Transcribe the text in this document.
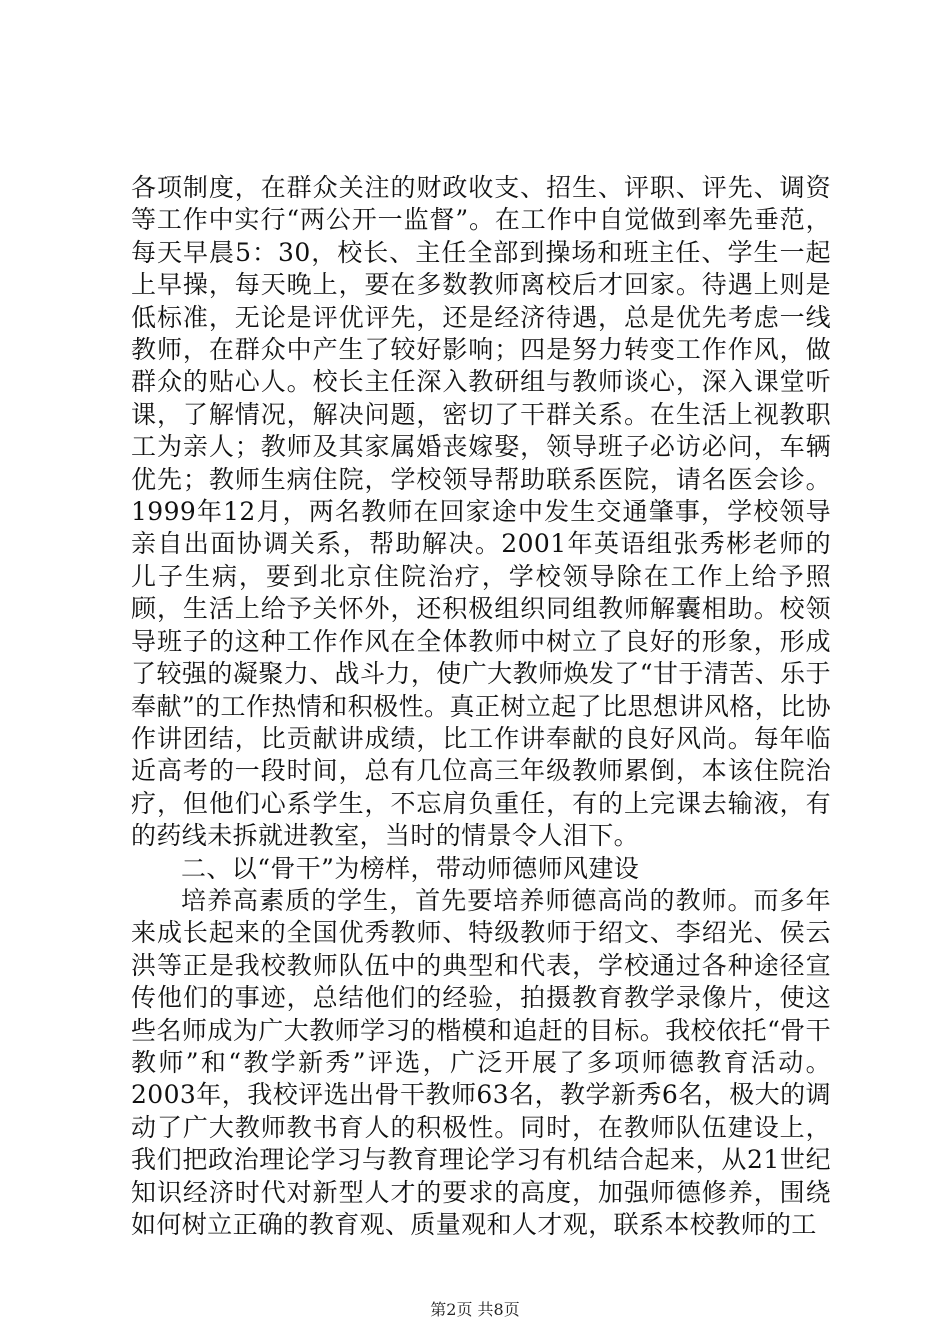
各项制度，在群众关注的财政收支、招生、评职、评先、调资等工作中实行“两公开一监督”。在工作中自觉做到率先垂范，每天早晨5：30，校长、主任全部到操场和班主任、学生一起上早操，每天晚上，要在多数教师离校后才回家。待遇上则是低标准，无论是评优评先，还是经济待遇，总是优先考虑一线教师，在群众中产生了较好影响；四是努力转变工作作风，做群众的贴心人。校长主任深入教研组与教师谈心，深入课堂听课，了解情况，解决问题，密切了干群关系。在生活上视教职工为亲人；教师及其家属婚丧嫁娶，领导班子必访必问，车辆优先；教师生病住院，学校领导帮助联系医院，请名医会诊。1999年12月，两名教师在回家途中发生交通肇事，学校领导亲自出面协调关系，帮助解决。2001年英语组张秀彬老师的儿子生病，要到北京住院治疗，学校领导除在工作上给予照顾，生活上给予关怀外，还积极组织同组教师解囊相助。校领导班子的这种工作作风在全体教师中树立了良好的形象，形成了较强的凝聚力、战斗力，使广大教师焕发了“甘于清苦、乐于奉献”的工作热情和积极性。真正树立起了比思想讲风格，比协作讲团结，比贡献讲成绩，比工作讲奉献的良好风尚。每年临近高考的一段时间，总有几位高三年级教师累倒，本该住院治疗，但他们心系学生，不忘肩负重任，有的上完课去输液，有的药线未拆就进教室，当时的情景令人泪下。

二、以“骨干”为榜样，带动师德师风建设

培养高素质的学生，首先要培养师德高尚的教师。而多年来成长起来的全国优秀教师、特级教师于绍文、李绍光、侯云洪等正是我校教师队伍中的典型和代表，学校通过各种途径宣传他们的事迹，总结他们的经验，拍摄教育教学录像片，使这些名师成为广大教师学习的楷模和追赶的目标。我校依托“骨干教师”和“教学新秀”评选，广泛开展了多项师德教育活动。2003年，我校评选出骨干教师63名，教学新秀6名，极大的调动了广大教师教书育人的积极性。同时，在教师队伍建设上，我们把政治理论学习与教育理论学习有机结合起来，从21世纪知识经济时代对新型人才的要求的高度，加强师德修养，围绕如何树立正确的教育观、质量观和人才观，联系本校教师的工

第2页 共8页
